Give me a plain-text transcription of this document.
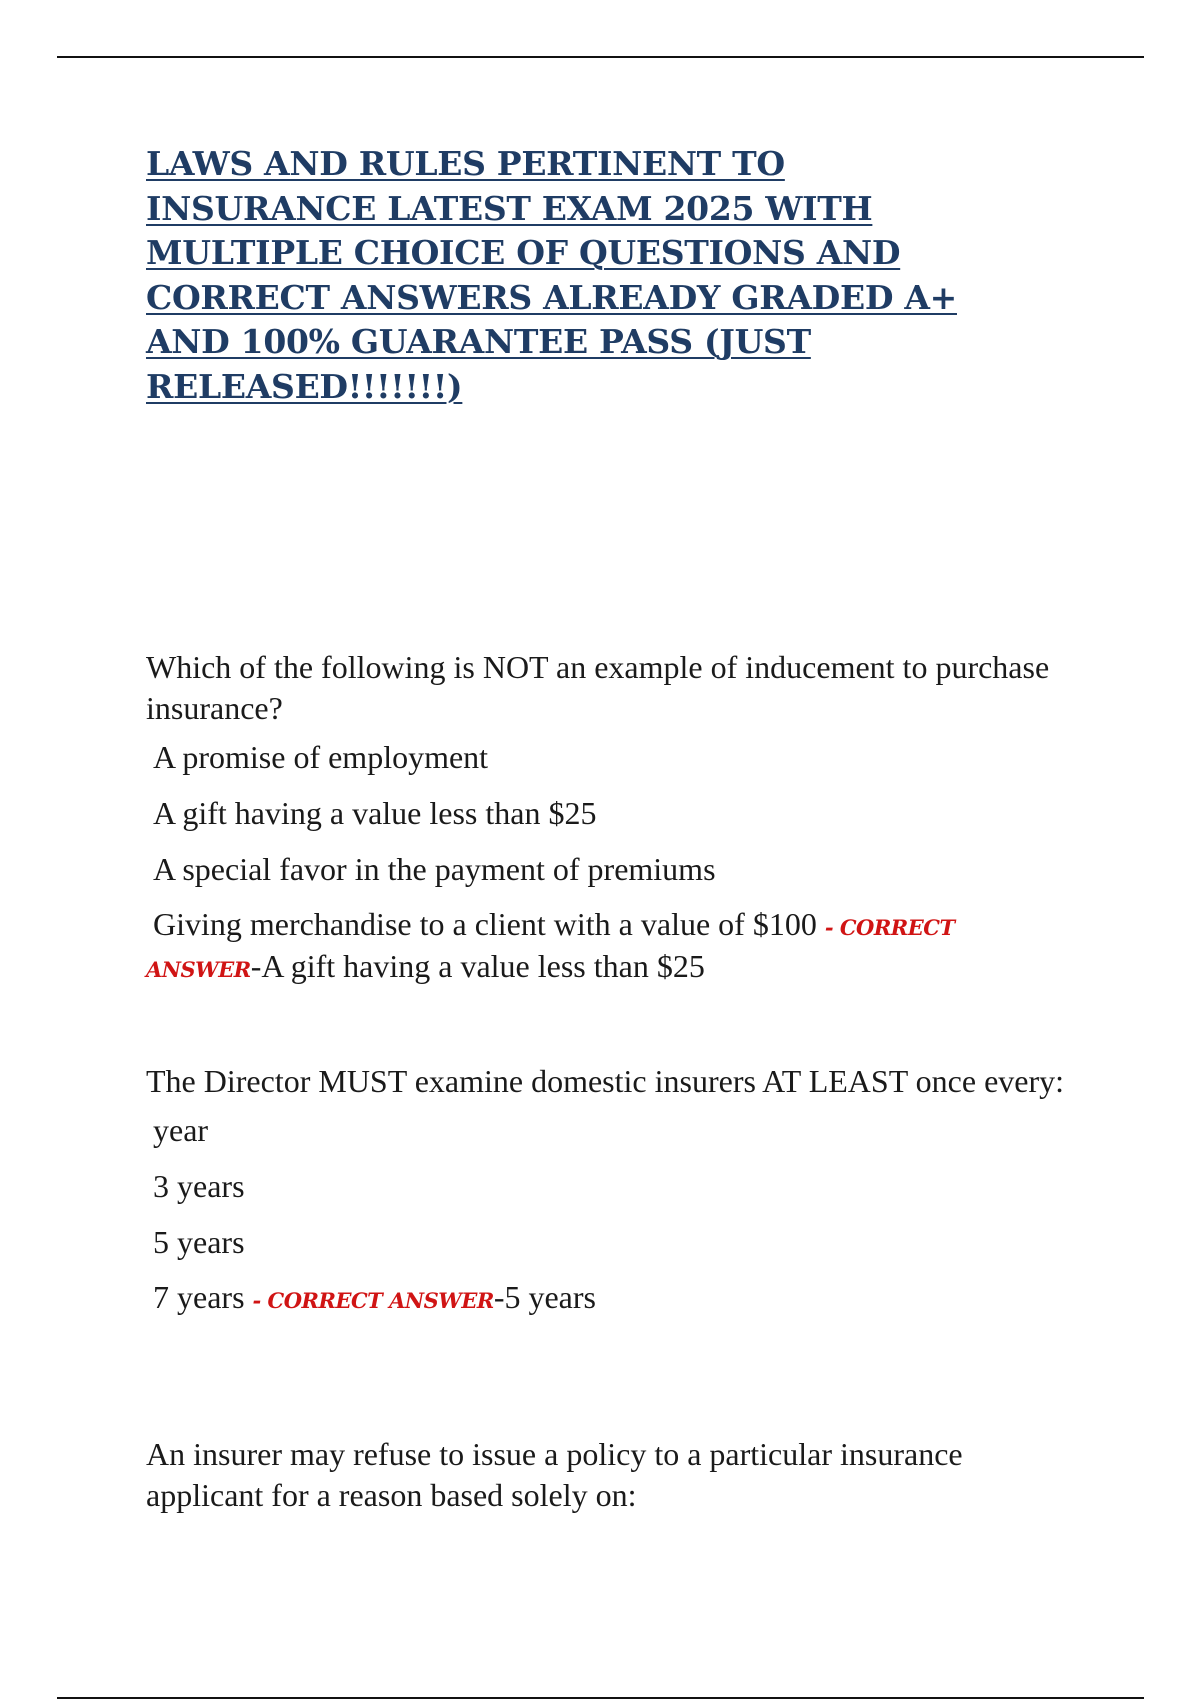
LAWS AND RULES PERTINENT TO INSURANCE LATEST EXAM 2025 WITH MULTIPLE CHOICE OF QUESTIONS AND CORRECT ANSWERS ALREADY GRADED A+ AND 100% GUARANTEE PASS (JUST RELEASED!!!!!!!)

Which of the following is NOT an example of inducement to purchase insurance?

A promise of employment

A gift having a value less than $25

A special favor in the payment of premiums

Giving merchandise to a client with a value of $100 - CORRECT ANSWER-A gift having a value less than $25

The Director MUST examine domestic insurers AT LEAST once every:

year

3 years

5 years

7 years - CORRECT ANSWER-5 years

An insurer may refuse to issue a policy to a particular insurance applicant for a reason based solely on:
